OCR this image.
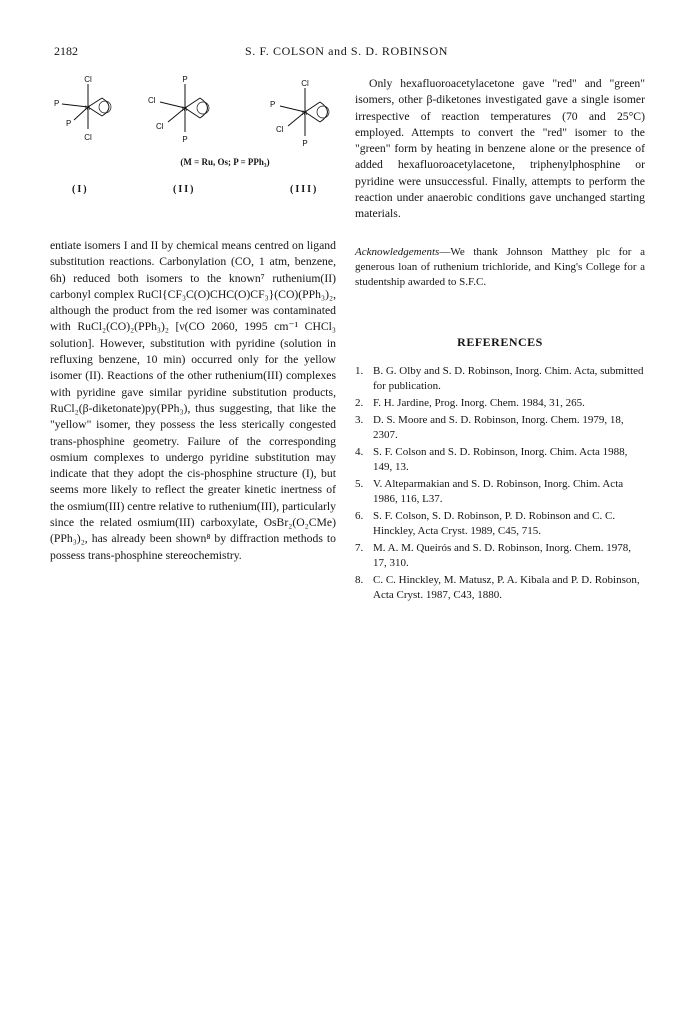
2182	S. F. COLSON and S. D. ROBINSON
Cl
Cl
P
P
M
P
P
Cl
Cl
M
Cl
P
P
Cl
M
(M = Ru, Os; P = PPh₃)
(I)	(II)	(III)

entiate isomers I and II by chemical means centred on ligand substitution reactions. Carbonylation (CO, 1 atm, benzene, 6h) reduced both isomers to the known⁷ ruthenium(II) carbonyl complex RuCl{CF₃C(O)CHC(O)CF₃}(CO)(PPh₃)₂, although the product from the red isomer was contaminated with RuCl₂(CO)₂(PPh₃)₂ [ν(CO 2060, 1995 cm⁻¹ CHCl₃ solution]. However, substitution with pyridine (solution in refluxing benzene, 10 min) occurred only for the yellow isomer (II). Reactions of the other ruthenium(III) complexes with pyridine gave similar pyridine substitution products, RuCl₂(β-diketonate)py(PPh₃), thus suggesting, that like the "yellow" isomer, they possess the less sterically congested trans-phosphine geometry. Failure of the corresponding osmium complexes to undergo pyridine substitution may indicate that they adopt the cis-phosphine structure (I), but seems more likely to reflect the greater kinetic inertness of the osmium(III) centre relative to ruthenium(III), particularly since the related osmium(III) carboxylate, OsBr₂(O₂CMe)(PPh₃)₂, has already been shown⁸ by diffraction methods to possess trans-phosphine stereochemistry.

Only hexafluoroacetylacetone gave "red" and "green" isomers, other β-diketones investigated gave a single isomer irrespective of reaction temperatures (70 and 25°C) employed. Attempts to convert the "red" isomer to the "green" form by heating in benzene alone or the presence of added hexafluoroacetylacetone, triphenylphosphine or pyridine were unsuccessful. Finally, attempts to perform the reaction under anaerobic conditions gave unchanged starting materials.

Acknowledgements—We thank Johnson Matthey plc for a generous loan of ruthenium trichloride, and King's College for a studentship awarded to S.F.C.

REFERENCES

1. B. G. Olby and S. D. Robinson, Inorg. Chim. Acta, submitted for publication.
2. F. H. Jardine, Prog. Inorg. Chem. 1984, 31, 265.
3. D. S. Moore and S. D. Robinson, Inorg. Chem. 1979, 18, 2307.
4. S. F. Colson and S. D. Robinson, Inorg. Chim. Acta 1988, 149, 13.
5. V. Alteparmakian and S. D. Robinson, Inorg. Chim. Acta 1986, 116, L37.
6. S. F. Colson, S. D. Robinson, P. D. Robinson and C. C. Hinckley, Acta Cryst. 1989, C45, 715.
7. M. A. M. Queirós and S. D. Robinson, Inorg. Chem. 1978, 17, 310.
8. C. C. Hinckley, M. Matusz, P. A. Kibala and P. D. Robinson, Acta Cryst. 1987, C43, 1880.
